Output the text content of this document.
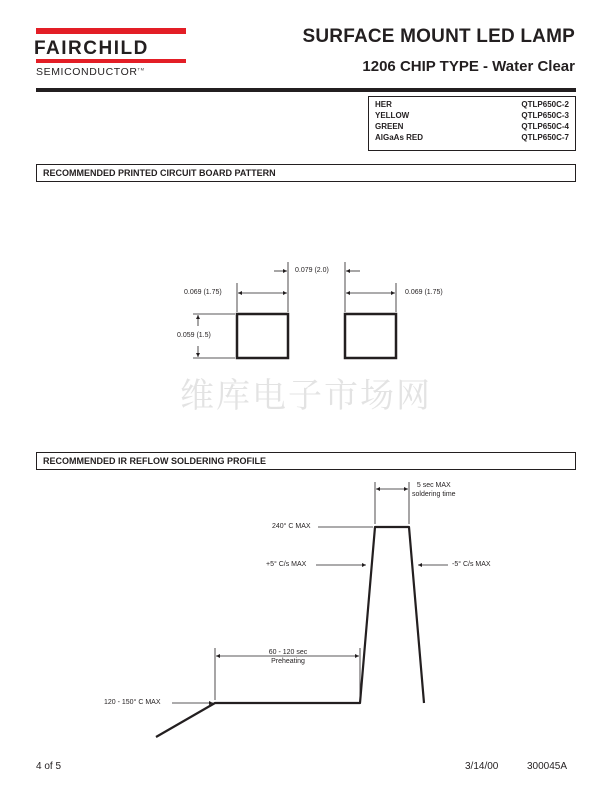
FAIRCHILD
SEMICONDUCTOR™
SURFACE MOUNT LED LAMP
1206 CHIP TYPE - Water Clear
HER	QTLP650C-2
YELLOW	QTLP650C-3
GREEN	QTLP650C-4
AlGaAs RED	QTLP650C-7
RECOMMENDED PRINTED CIRCUIT BOARD PATTERN
0.079 (2.0)
0.069 (1.75)	0.069 (1.75)
0.059 (1.5)
维库电子市场网
RECOMMENDED IR REFLOW SOLDERING PROFILE
5 sec MAX
soldering time
240° C MAX
+5° C/s MAX	-5° C/s MAX
60 - 120 sec
Preheating
120 - 150° C MAX
4 of 5	3/14/00	300045A
